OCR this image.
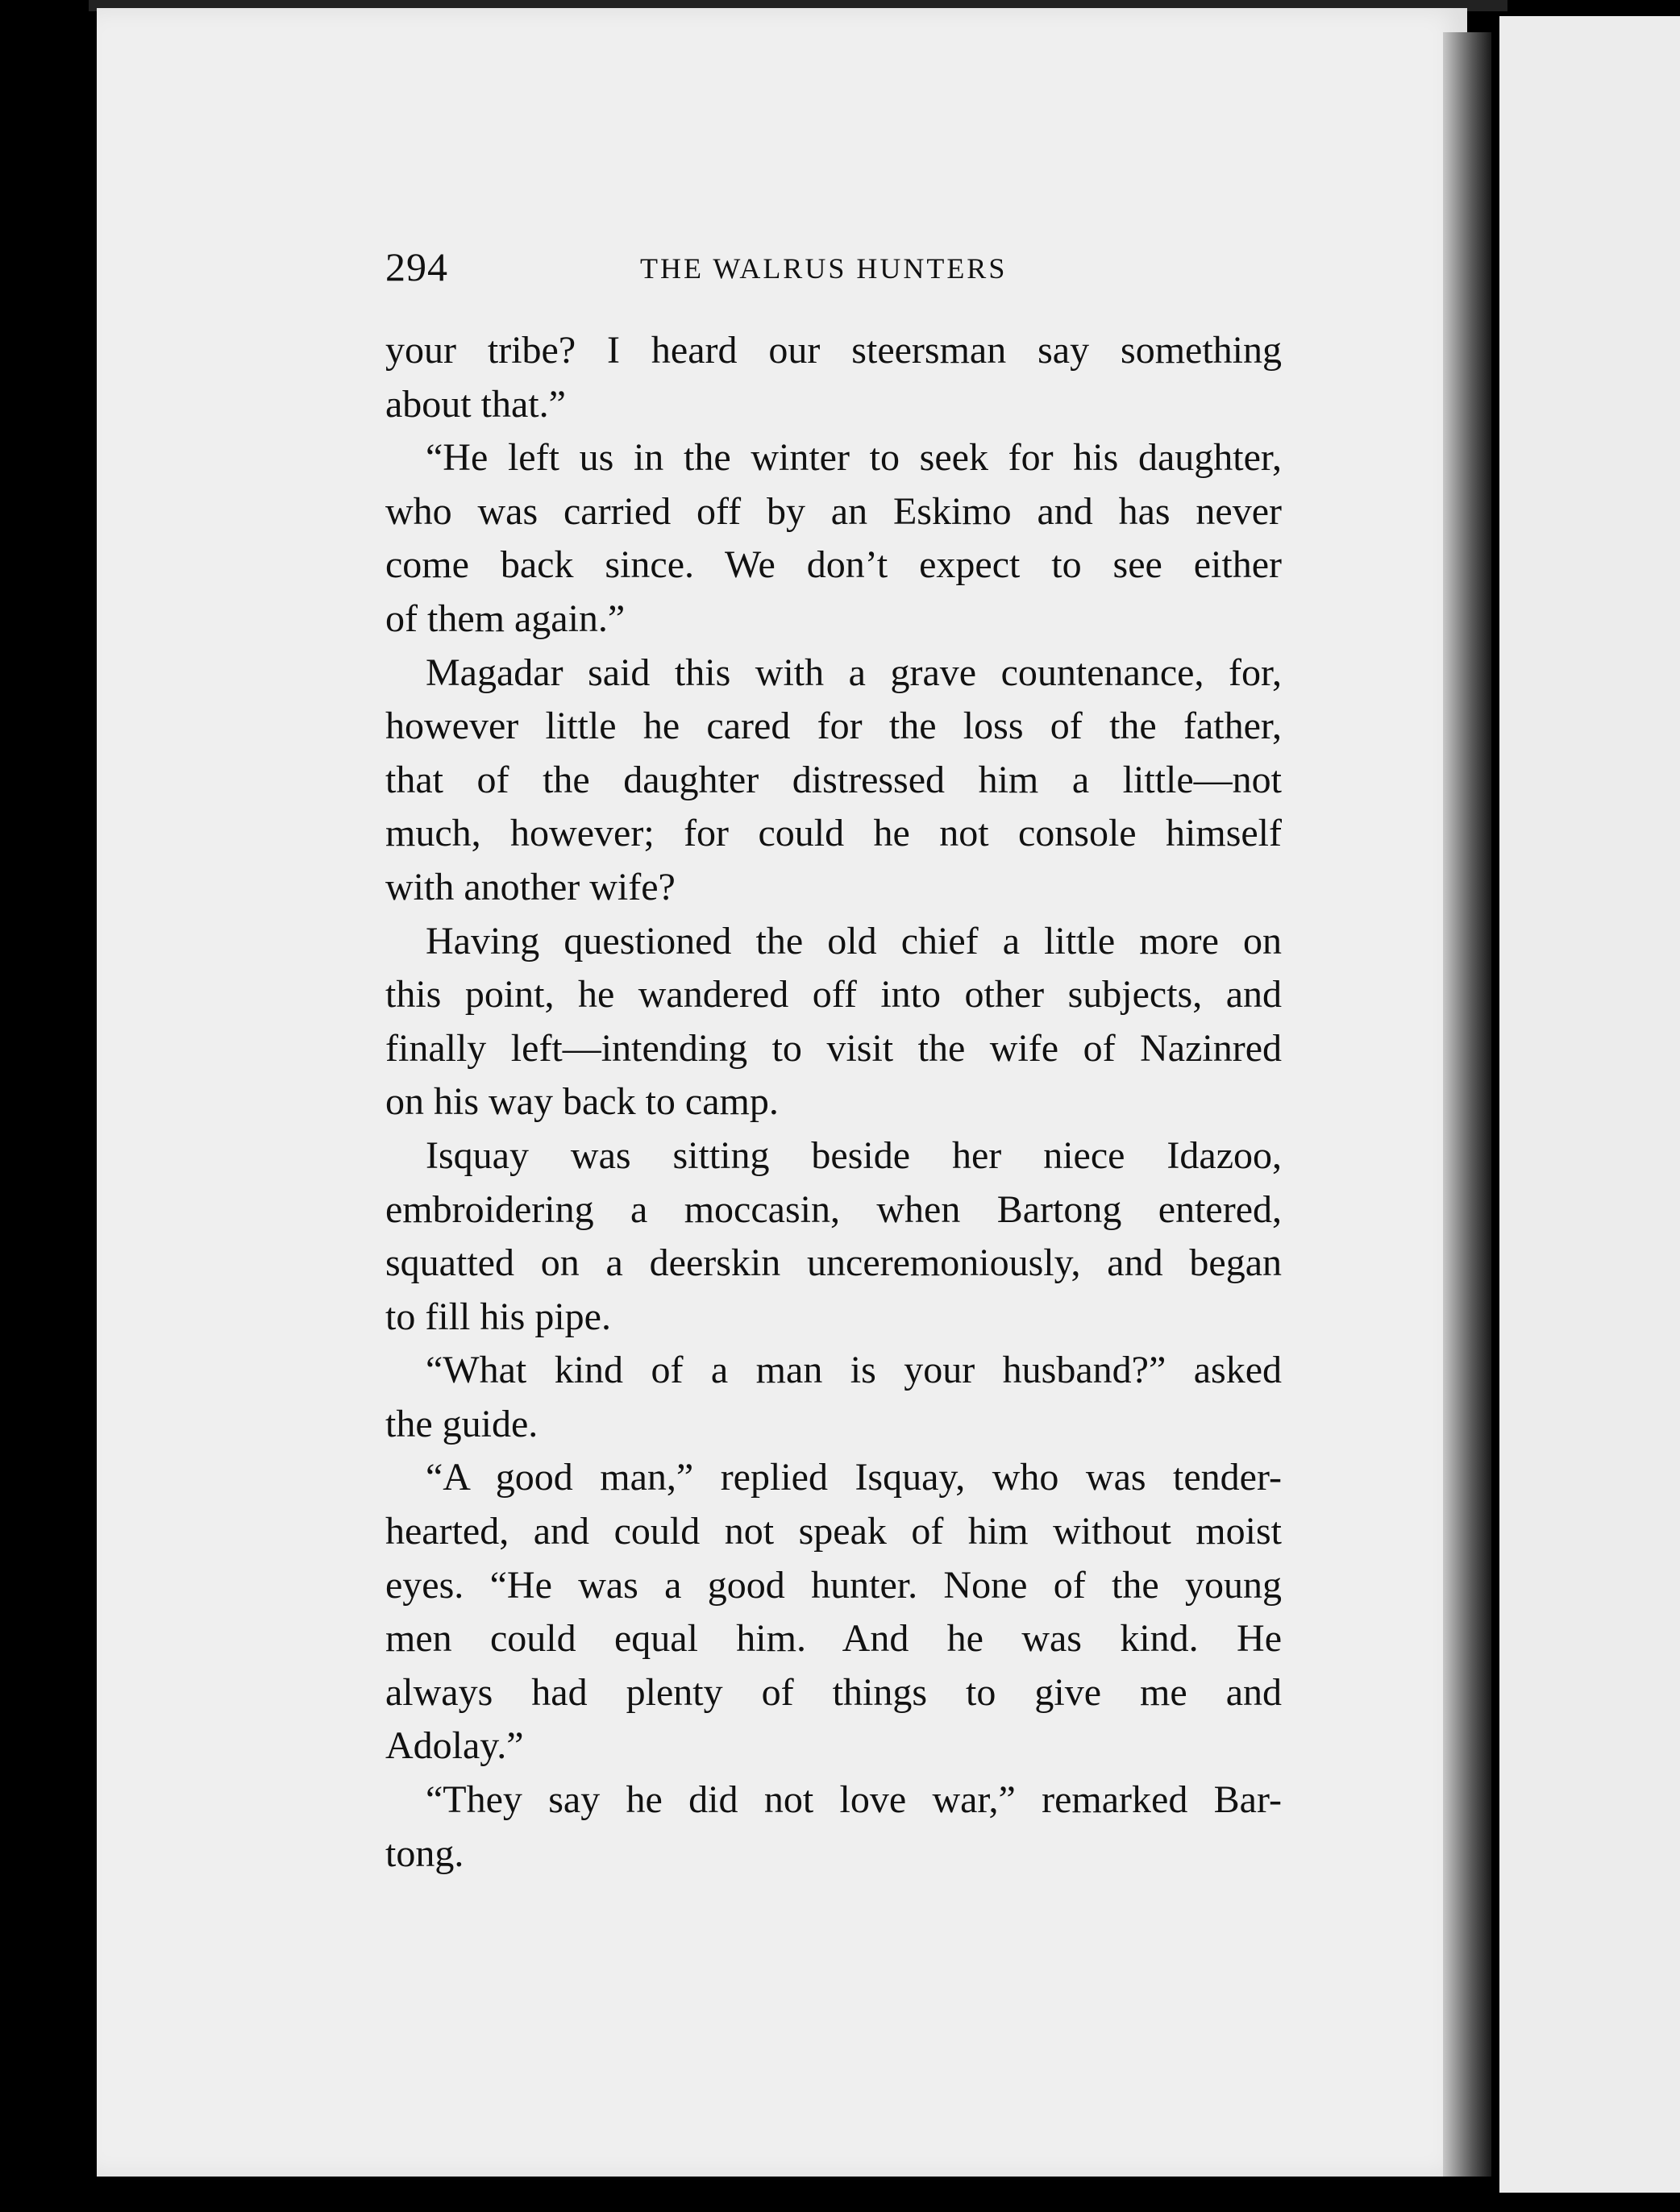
294	THE WALRUS HUNTERS
your tribe? I heard our steersman say something
about that.”
“He left us in the winter to seek for his daughter,
who was carried off by an Eskimo and has never
come back since. We don’t expect to see either
of them again.”
Magadar said this with a grave countenance, for,
however little he cared for the loss of the father,
that of the daughter distressed him a little—not
much, however; for could he not console himself
with another wife?
Having questioned the old chief a little more on
this point, he wandered off into other subjects, and
finally left—intending to visit the wife of Nazinred
on his way back to camp.
Isquay was sitting beside her niece Idazoo,
embroidering a moccasin, when Bartong entered,
squatted on a deerskin unceremoniously, and began
to fill his pipe.
“What kind of a man is your husband?” asked
the guide.
“A good man,” replied Isquay, who was tender-
hearted, and could not speak of him without moist
eyes. “He was a good hunter. None of the young
men could equal him. And he was kind. He
always had plenty of things to give me and
Adolay.”
“They say he did not love war,” remarked Bar-
tong.
